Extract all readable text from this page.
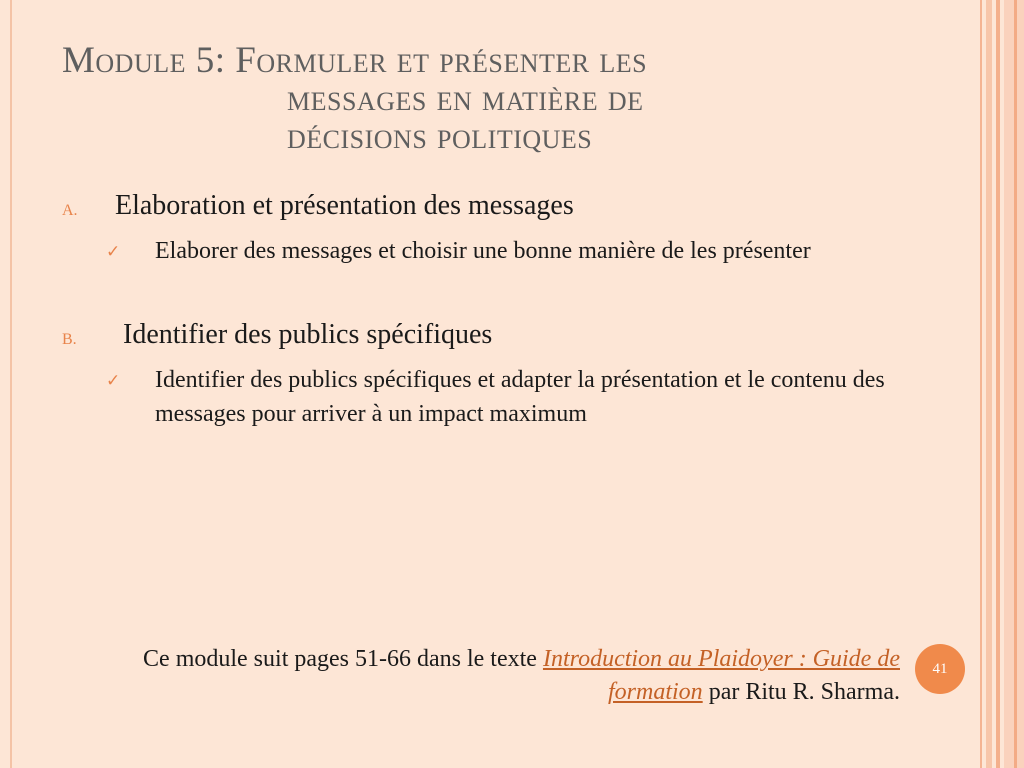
Module 5: Formuler et présenter les
messages en matière de
décisions politiques
A. Elaboration et présentation des messages
✓ Elaborer des messages et choisir une bonne manière de les présenter
B. Identifier des publics spécifiques
✓ Identifier des publics spécifiques et adapter la présentation et le contenu des messages pour arriver à un impact maximum
Ce module suit pages 51-66 dans le texte Introduction au Plaidoyer : Guide de formation par Ritu R. Sharma.
41
